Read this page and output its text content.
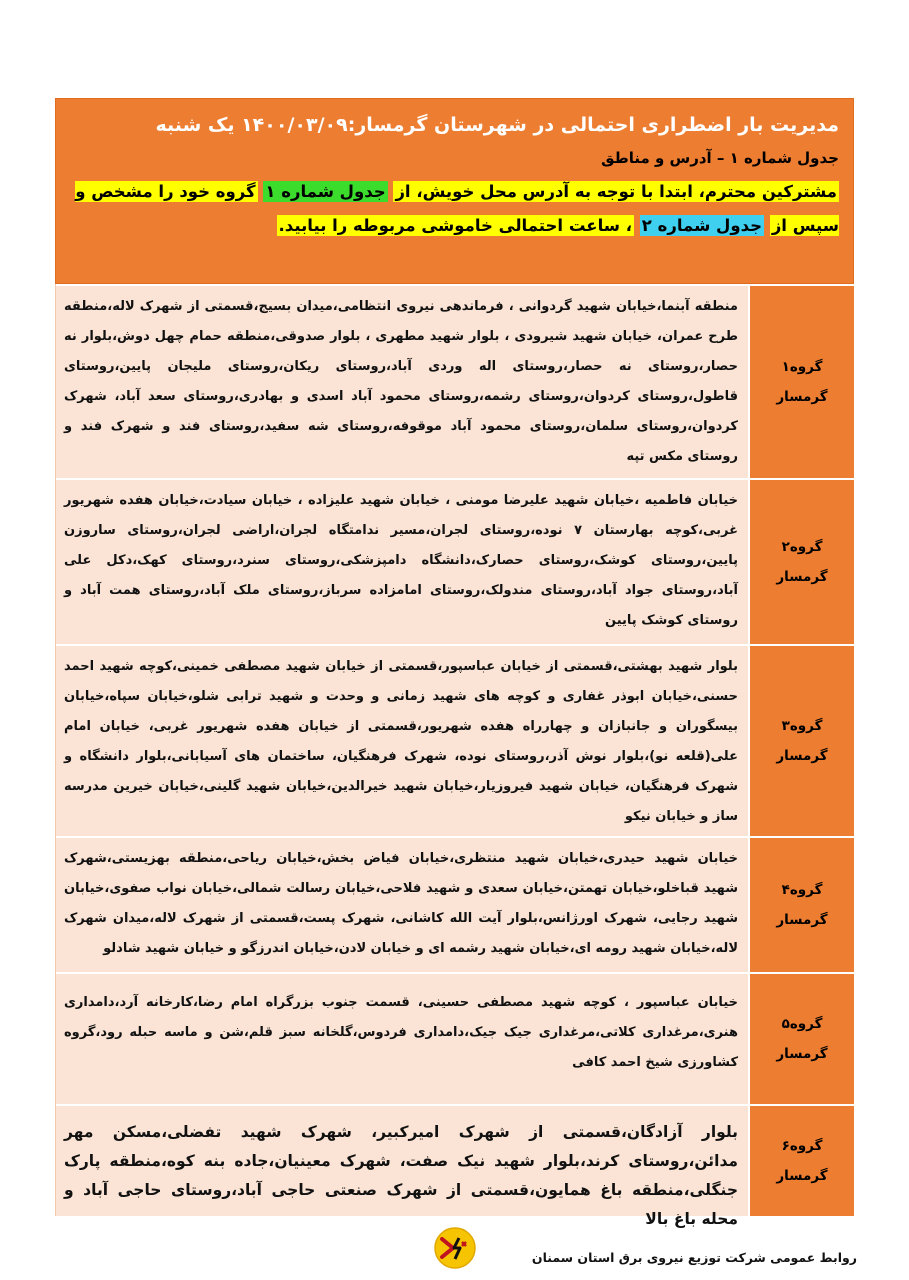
مدیریت بار اضطراری احتمالی در شهرستان گرمسار:۱۴۰۰/۰۳/۰۹ یک شنبه
جدول شماره ۱ – آدرس و مناطق
مشترکین محترم، ابتدا با توجه به آدرس محل خویش، از جدول شماره ۱ گروه خود را مشخص و سپس از جدول شماره ۲ ، ساعت احتمالی خاموشی مربوطه را بیابید.
گروه۱
گرمسار
منطقه آبنما،خیابان شهید گردوانی ، فرماندهی نیروی انتظامی،میدان بسیج،قسمتی از شهرک لاله،منطقه طرح عمران، خیابان شهید شیرودی ، بلوار شهید مطهری ، بلوار صدوقی،منطقه حمام چهل دوش،بلوار نه حصار،روستای نه حصار،روستای اله وردی آباد،روستای ریکان،روستای ملیجان پایین،روستای قاطول،روستای کردوان،روستای رشمه،روستای محمود آباد اسدی و بهادری،روستای سعد آباد، شهرک کردوان،روستای سلمان،روستای محمود آباد موقوفه،روستای شه سفید،روستای فند و شهرک فند و روستای مکس تپه
گروه۲
گرمسار
خیابان فاطمیه ،خیابان شهید علیرضا مومنی ، خیابان شهید علیزاده ، خیابان سیادت،خیابان هفده شهریور غربی،کوچه بهارستان ۷ نوده،روستای لجران،مسیر ندامتگاه لجران،اراضی لجران،روستای ساروزن پایین،روستای کوشک،روستای حصارک،دانشگاه دامپزشکی،روستای سنرد،روستای کهک،دکل علی آباد،روستای جواد آباد،روستای مندولک،روستای امامزاده سرباز،روستای ملک آباد،روستای همت آباد و روستای کوشک پایین
گروه۳
گرمسار
بلوار شهید بهشتی،قسمتی از خیابان عباسپور،قسمتی از خیابان شهید مصطفی خمینی،کوچه شهید احمد حسنی،خیابان ابوذر غفاری و کوچه های شهید زمانی و وحدت و شهید ترابی شلو،خیابان سپاه،خیابان بیسگوران و جانبازان و چهارراه هفده شهریور،قسمتی از خیابان هفده شهریور غربی، خیابان امام علی(قلعه نو)،بلوار نوش آذر،روستای نوده، شهرک فرهنگیان، ساختمان های آسیابانی،بلوار دانشگاه و شهرک فرهنگیان، خیابان شهید فیروزیار،خیابان شهید خیرالدین،خیابان شهید گلینی،خیابان خیرین مدرسه ساز و خیابان نیکو
گروه۴
گرمسار
خیابان شهید حیدری،خیابان شهید منتظری،خیابان فیاض بخش،خیابان ریاحی،منطقه بهزیستی،شهرک شهید قباخلو،خیابان تهمتن،خیابان سعدی و شهید فلاحی،خیابان رسالت شمالی،خیابان نواب صفوی،خیابان شهید رجایی، شهرک اورژانس،بلوار آیت الله کاشانی، شهرک پست،قسمتی از شهرک لاله،میدان شهرک لاله،خیابان شهید رومه ای،خیابان شهید رشمه ای و خیابان لادن،خیابان اندرزگو و خیابان شهید شادلو
گروه۵
گرمسار
خیابان عباسپور ، کوچه شهید مصطفی حسینی، قسمت جنوب بزرگراه امام رضا،کارخانه آرد،دامداری هنری،مرغداری کلاتی،مرغداری جیک جیک،دامداری فردوس،گلخانه سبز قلم،شن و ماسه حبله رود،گروه کشاورزی شیخ احمد کافی
گروه۶
گرمسار
بلوار آزادگان،قسمتی از شهرک امیرکبیر، شهرک شهید تفضلی،مسکن مهر مدائن،روستای کرند،بلوار شهید نیک صفت، شهرک معینیان،جاده بنه کوه،منطقه پارک جنگلی،منطقه باغ همایون،قسمتی از شهرک صنعتی حاجی آباد،روستای حاجی آباد و محله باغ بالا
روابط عمومی شرکت توزیع نیروی برق استان سمنان
